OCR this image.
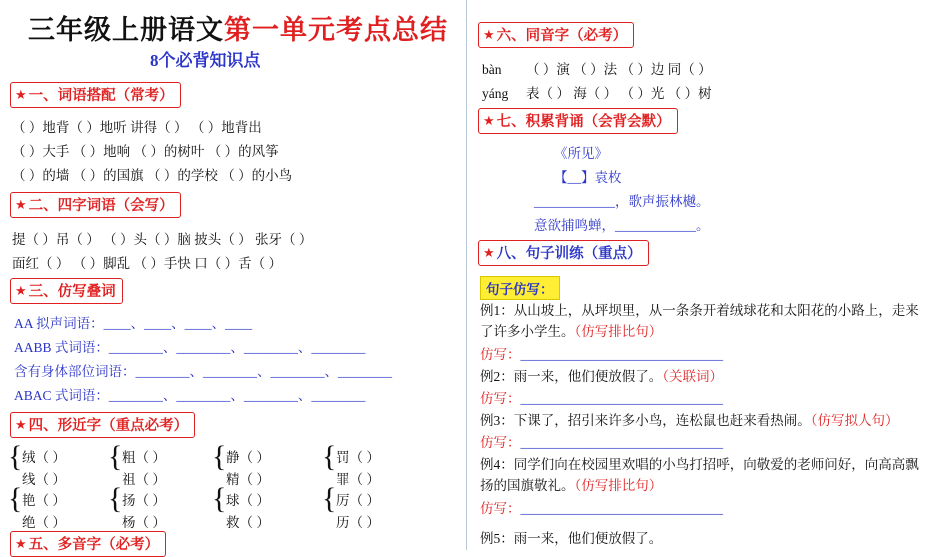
三年级上册语文第一单元考点总结
8个必背知识点
★ 一、词语搭配（常考）
（ ）地背（ ）地听 讲得（ ） （ ）地背出
（ ）大手 （ ）地响 （ ）的树叶 （ ）的风筝
（ ）的墙 （ ）的国旗 （ ）的学校 （ ）的小鸟
★ 二、四字词语（会写）
提（ ）吊（ ） （ ）头（ ）脑 披头（ ） 张牙（ ）
面红（ ） （ ）脚乱 （ ）手快 口（ ）舌（ ）
★ 三、仿写叠词
AA 拟声词语：____、____、____、____
AABB 式词语：________、________、________、________
含有身体部位词语：________、________、________、________
ABAC 式词语：________、________、________、________
★ 四、形近字（重点必考）
{ 绒（ ）
线（ ）
{ 艳（ ）
绝（ ）
{ 粗（ ）
祖（ ）
{ 扬（ ）
杨（ ）
{ 静（ ）
精（ ）
{ 球（ ）
救（ ）
{ 罚（ ）
罪（ ）
{ 厉（ ）
历（ ）
★ 五、多音字（必考）
★ 六、同音字（必考）
bàn （ ）演 （ ）法 （ ）边 同（ ）
yáng 表（ ） 海（ ） （ ）光 （ ）树
★ 七、积累背诵（会背会默）
《所见》
【__】袁枚
____________，歌声振林樾。
意欲捕鸣蝉，____________。
★ 八、句子训练（重点）
句子仿写：
例1：从山坡上，从坪坝里，从一条条开着绒球花和太阳花的小路上，走来了许多小学生。（仿写排比句）
仿写：______________________________
例2：雨一来，他们便放假了。（关联词）
仿写：______________________________
例3：下课了，招引来许多小鸟，连松鼠也赶来看热闹。（仿写拟人句）
仿写：______________________________
例4：同学们向在校园里欢唱的小鸟打招呼，向敬爱的老师问好，向高高飘扬的国旗敬礼。（仿写排比句）
仿写：______________________________
例5：雨一来，他们便放假了。
